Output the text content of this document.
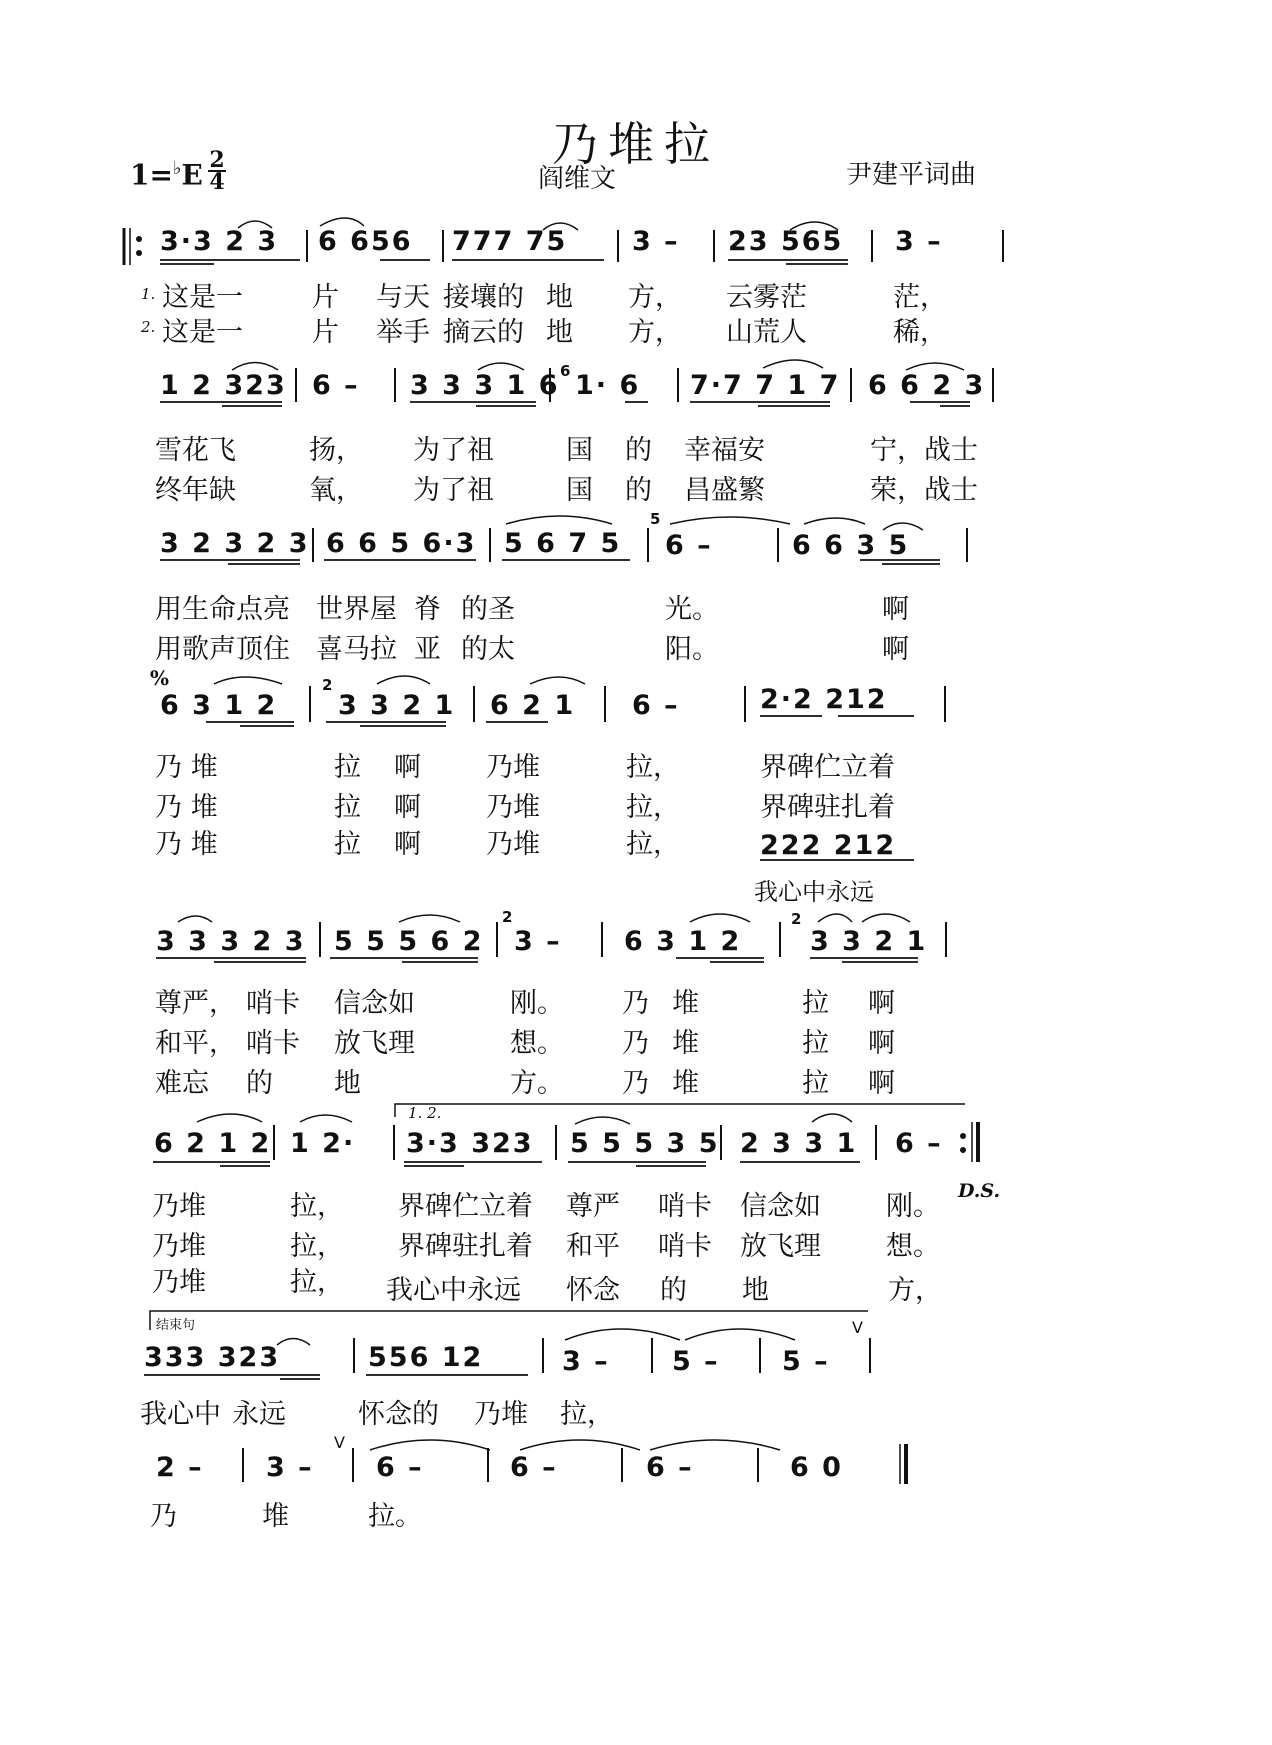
乃堆拉
1=♭E 2
4	阎维文	尹建平词曲
V
V
%
D.S.
1. 2.
结束句
3·3 2 3 6 656 777 75 3 – 23 565 3 –
1. 这是一	片 与天 接壤的 地 方， 云雾茫	茫，
2. 这是一	片 举手 摘云的 地 方， 山荒人	稀，
1 2 323 6 – 3 3 3 1 6 6 1· 6 7·7 7 1 7 6 6 2 3
雪花飞	扬， 为了祖	国 的 幸福安	宁，战士
终年缺	氧， 为了祖	国 的 昌盛繁	荣，战士
3 2 3 2 3 6 6 5 6·3 5 6 7 5
5
6 –	6 6 3 5
用生命点亮 世界屋 脊 的圣	光。	啊
用歌声顶住 喜马拉 亚 的太	阳。	啊
6 3 1 2
2
3 3 2 1 6 2 1 6 –	2·2 212
乃 堆	拉 啊 乃堆	拉，	界碑伫立着
乃 堆	拉 啊 乃堆	拉，	界碑驻扎着
乃 堆	拉 啊 乃堆	拉，	222 212
我心中永远
3 3 3 2 3 5 5 5 6 2
2
3 – 6 3 1 2
2
3 3 2 1
尊严， 哨卡 信念如	刚。 乃 堆	拉 啊
和平， 哨卡 放飞理	想。 乃 堆	拉 啊
难忘 的 地	方。 乃 堆	拉 啊
6 2 1 2 1 2· 3·3 323 5 5 5 3 5 2 3 3 1 6 –
乃堆	拉， 界碑伫立着 尊严 哨卡 信念如 刚。
乃堆	拉， 界碑驻扎着 和平 哨卡 放飞理 想。
乃堆	拉， 我心中永远 怀念 的 地	方，
333 323	556 12	3 – 5 – 5 –
我心中 永远	怀念的 乃堆 拉，
2 – 3 – 6 –	6 –	6 –	6 0
乃	堆	拉。
